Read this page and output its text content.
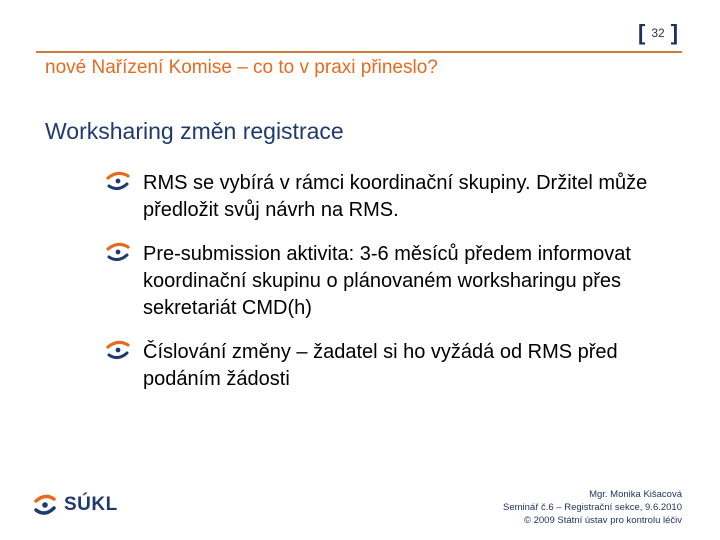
[ 32 ]
nové Nařízení Komise – co to v praxi přineslo?
Worksharing změn registrace
RMS se vybírá v rámci koordinační skupiny. Držitel může předložit svůj návrh na RMS.
Pre-submission aktivita: 3-6 měsíců předem informovat koordinační skupinu o plánovaném worksharingu přes sekretariát CMD(h)
Číslování změny – žadatel si ho vyžádá od RMS před podáním žádosti
SÚKL	Mgr. Monika Kišacová
Seminář č.6 – Registrační sekce, 9.6.2010
© 2009 Státní ústav pro kontrolu léčiv
